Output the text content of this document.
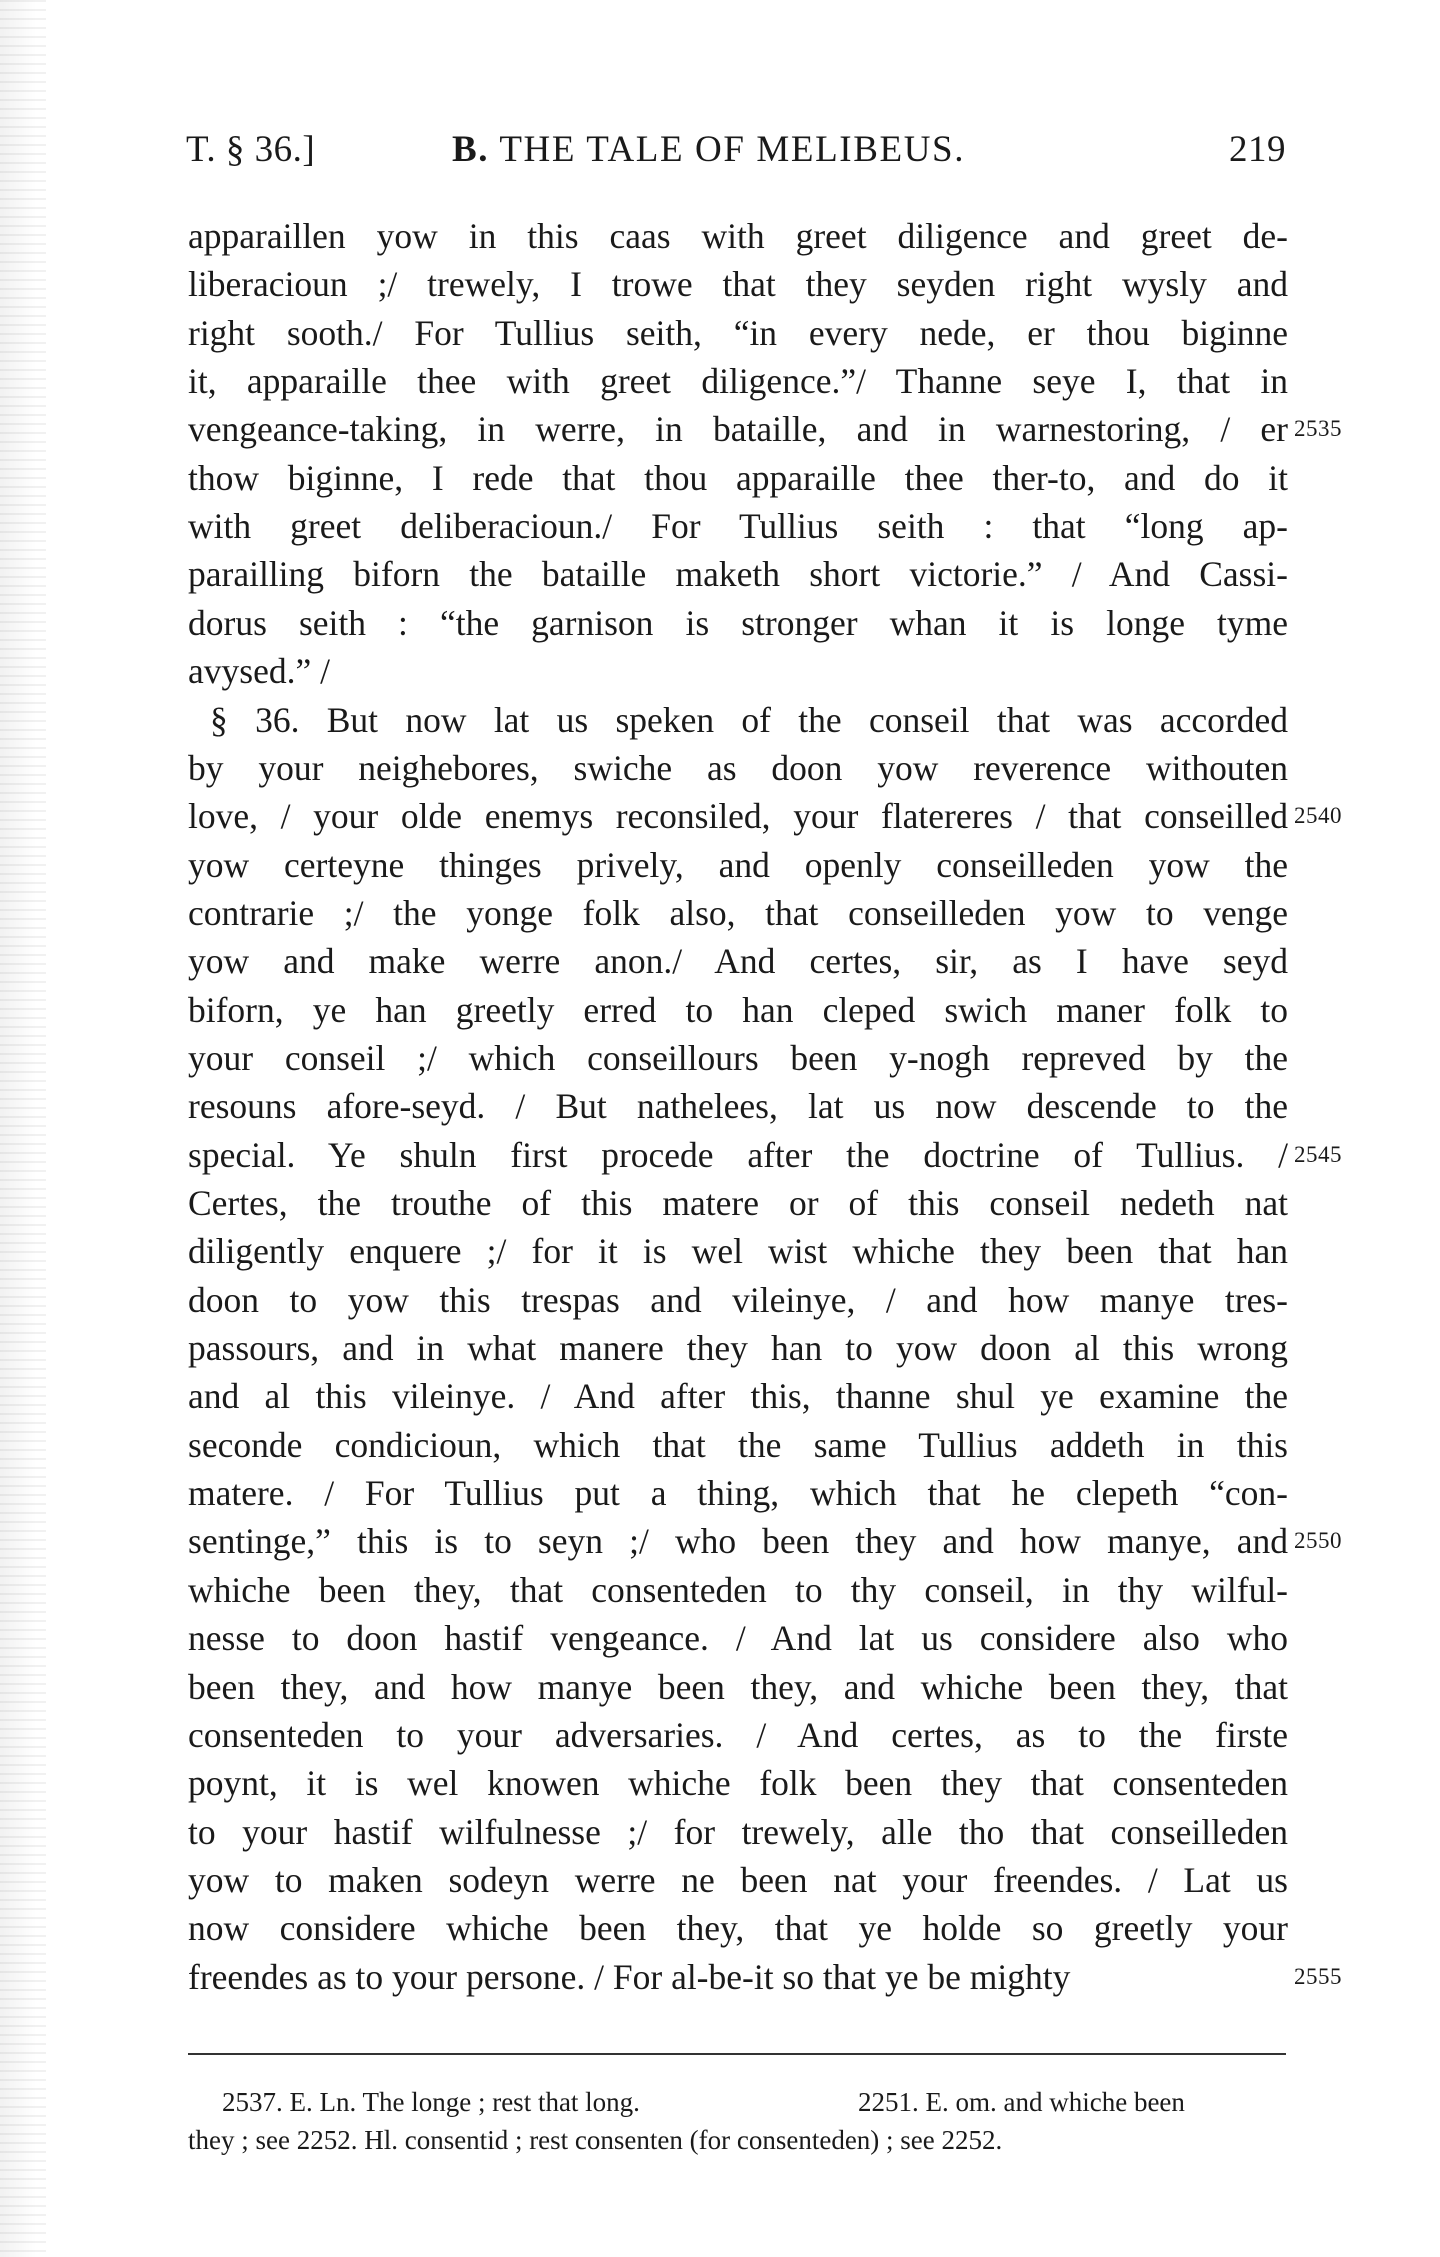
T. § 36.]	B. THE TALE OF MELIBEUS.	219
apparaillen yow in this caas with greet diligence and greet de-
liberacioun ;/ trewely, I trowe that they seyden right wysly and
right sooth./ For Tullius seith, “in every nede, er thou biginne
it, apparaille thee with greet diligence.”/ Thanne seye I, that in
vengeance-taking, in werre, in bataille, and in warnestoring, / er 2535
thow biginne, I rede that thou apparaille thee ther-to, and do it
with greet deliberacioun./ For Tullius seith : that “long ap-
parailling biforn the bataille maketh short victorie.” / And Cassi-
dorus seith : “the garnison is stronger whan it is longe tyme
avysed.” /
§ 36. But now lat us speken of the conseil that was accorded
by your neighebores, swiche as doon yow reverence withouten
love, / your olde enemys reconsiled, your flatereres / that conseilled 2540
yow certeyne thinges prively, and openly conseilleden yow the
contrarie ;/ the yonge folk also, that conseilleden yow to venge
yow and make werre anon./ And certes, sir, as I have seyd
biforn, ye han greetly erred to han cleped swich maner folk to
your conseil ;/ which conseillours been y-nogh repreved by the
resouns afore-seyd. / But nathelees, lat us now descende to the
special. Ye shuln first procede after the doctrine of Tullius. / 2545
Certes, the trouthe of this matere or of this conseil nedeth nat
diligently enquere ;/ for it is wel wist whiche they been that han
doon to yow this trespas and vileinye, / and how manye tres-
passours, and in what manere they han to yow doon al this wrong
and al this vileinye. / And after this, thanne shul ye examine the
seconde condicioun, which that the same Tullius addeth in this
matere. / For Tullius put a thing, which that he clepeth “con-
sentinge,” this is to seyn ;/ who been they and how manye, and 2550
whiche been they, that consenteden to thy conseil, in thy wilful-
nesse to doon hastif vengeance. / And lat us considere also who
been they, and how manye been they, and whiche been they, that
consenteden to your adversaries. / And certes, as to the firste
poynt, it is wel knowen whiche folk been they that consenteden
to your hastif wilfulnesse ;/ for trewely, alle tho that conseilleden
yow to maken sodeyn werre ne been nat your freendes. / Lat us
now considere whiche been they, that ye holde so greetly your
freendes as to your persone. / For al-be-it so that ye be mighty	2555
2537. E. Ln. The longe ; rest that long.	2251. E. om. and whiche been
they ; see 2252. Hl. consentid ; rest consenten (for consenteden) ; see 2252.
